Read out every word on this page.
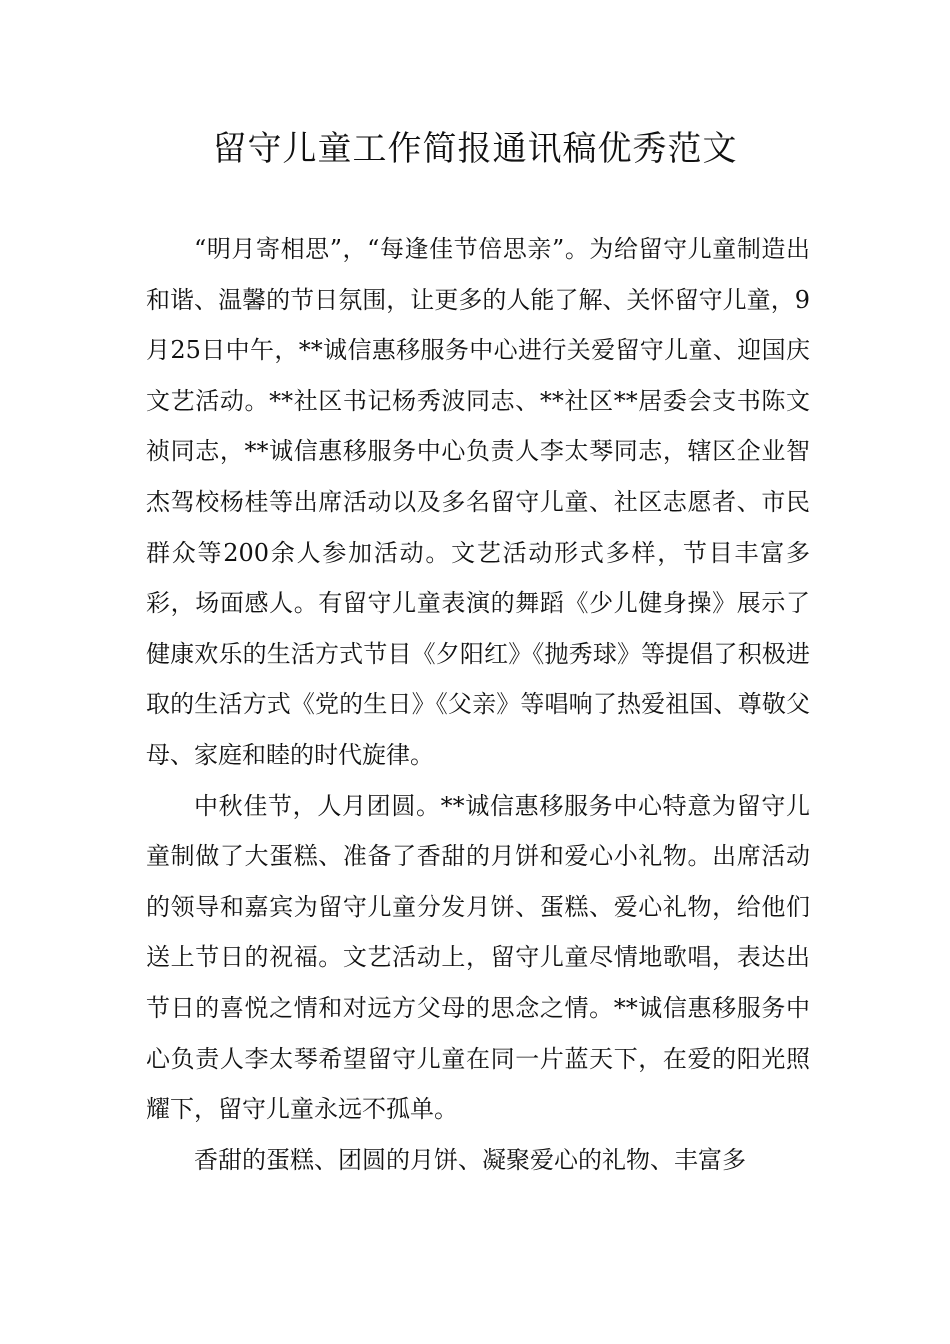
留守儿童工作简报通讯稿优秀范文

“明月寄相思”，“每逢佳节倍思亲”。为给留守儿童制造出和谐、温馨的节日氛围，让更多的人能了解、关怀留守儿童，9月25日中午，**诚信惠移服务中心进行关爱留守儿童、迎国庆文艺活动。**社区书记杨秀波同志、**社区**居委会支书陈文祯同志，**诚信惠移服务中心负责人李太琴同志，辖区企业智杰驾校杨桂等出席活动以及多名留守儿童、社区志愿者、市民群众等200余人参加活动。文艺活动形式多样，节目丰富多彩，场面感人。有留守儿童表演的舞蹈《少儿健身操》展示了健康欢乐的生活方式节目《夕阳红》《抛秀球》等提倡了积极进取的生活方式《党的生日》《父亲》等唱响了热爱祖国、尊敬父母、家庭和睦的时代旋律。

中秋佳节，人月团圆。**诚信惠移服务中心特意为留守儿童制做了大蛋糕、准备了香甜的月饼和爱心小礼物。出席活动的领导和嘉宾为留守儿童分发月饼、蛋糕、爱心礼物，给他们送上节日的祝福。文艺活动上，留守儿童尽情地歌唱，表达出节日的喜悦之情和对远方父母的思念之情。**诚信惠移服务中心负责人李太琴希望留守儿童在同一片蓝天下，在爱的阳光照耀下，留守儿童永远不孤单。

香甜的蛋糕、团圆的月饼、凝聚爱心的礼物、丰富多
